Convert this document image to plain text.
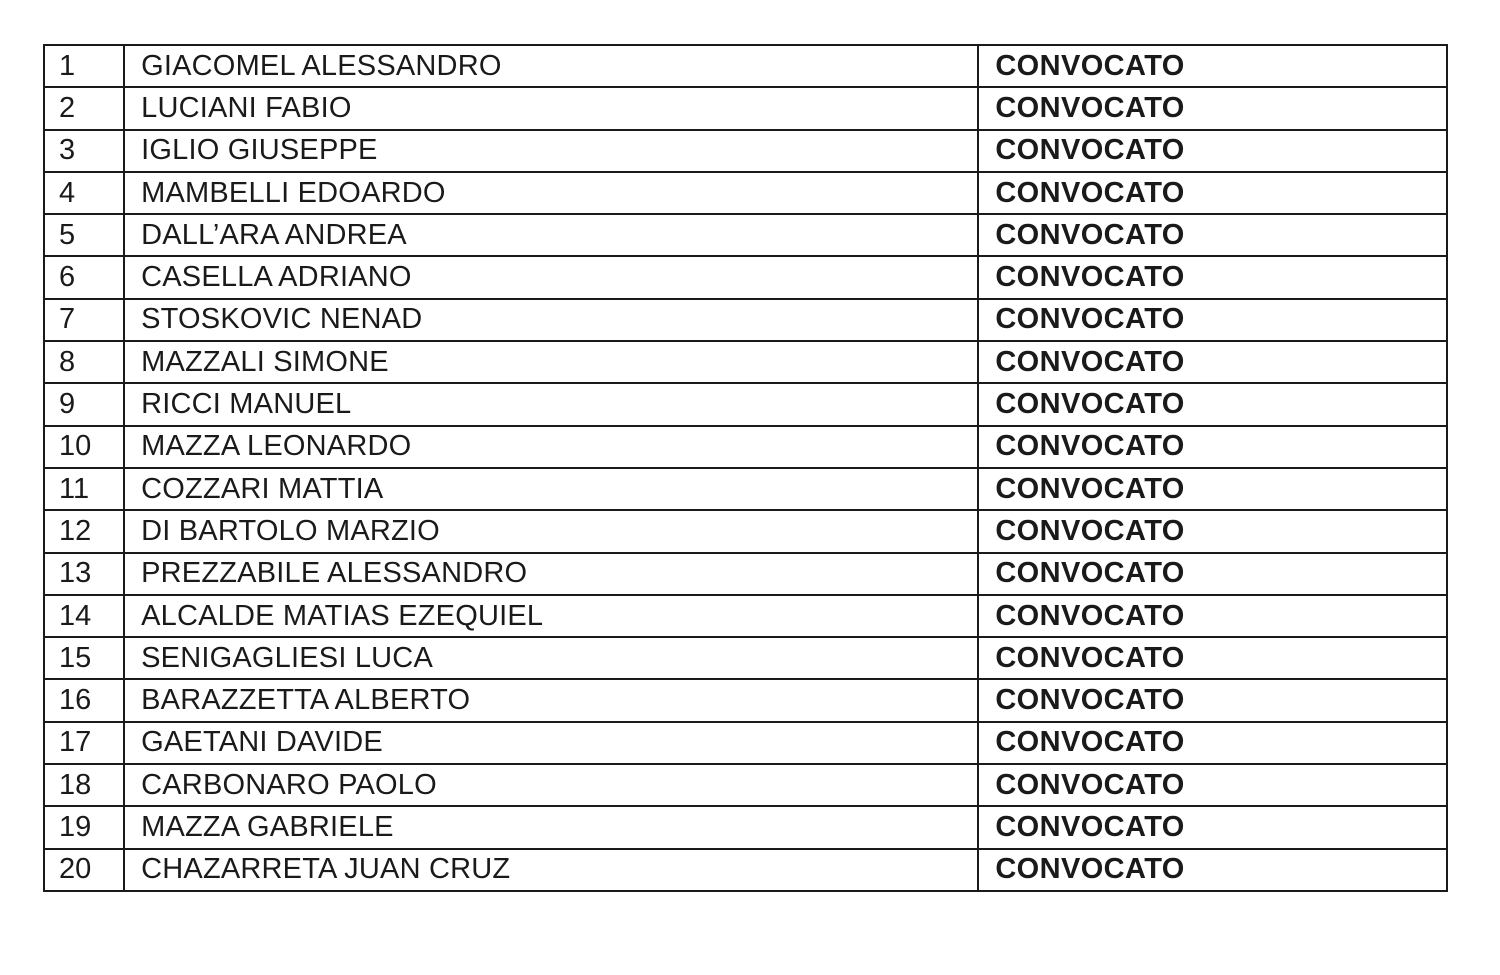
1	GIACOMEL ALESSANDRO	CONVOCATO
2	LUCIANI FABIO	CONVOCATO
3	IGLIO GIUSEPPE	CONVOCATO
4	MAMBELLI EDOARDO	CONVOCATO
5	DALL’ARA ANDREA	CONVOCATO
6	CASELLA ADRIANO	CONVOCATO
7	STOSKOVIC NENAD	CONVOCATO
8	MAZZALI SIMONE	CONVOCATO
9	RICCI MANUEL	CONVOCATO
10	MAZZA LEONARDO	CONVOCATO
11	COZZARI MATTIA	CONVOCATO
12	DI BARTOLO MARZIO	CONVOCATO
13	PREZZABILE ALESSANDRO	CONVOCATO
14	ALCALDE MATIAS EZEQUIEL	CONVOCATO
15	SENIGAGLIESI LUCA	CONVOCATO
16	BARAZZETTA ALBERTO	CONVOCATO
17	GAETANI DAVIDE	CONVOCATO
18	CARBONARO PAOLO	CONVOCATO
19	MAZZA GABRIELE	CONVOCATO
20	CHAZARRETA JUAN CRUZ	CONVOCATO
